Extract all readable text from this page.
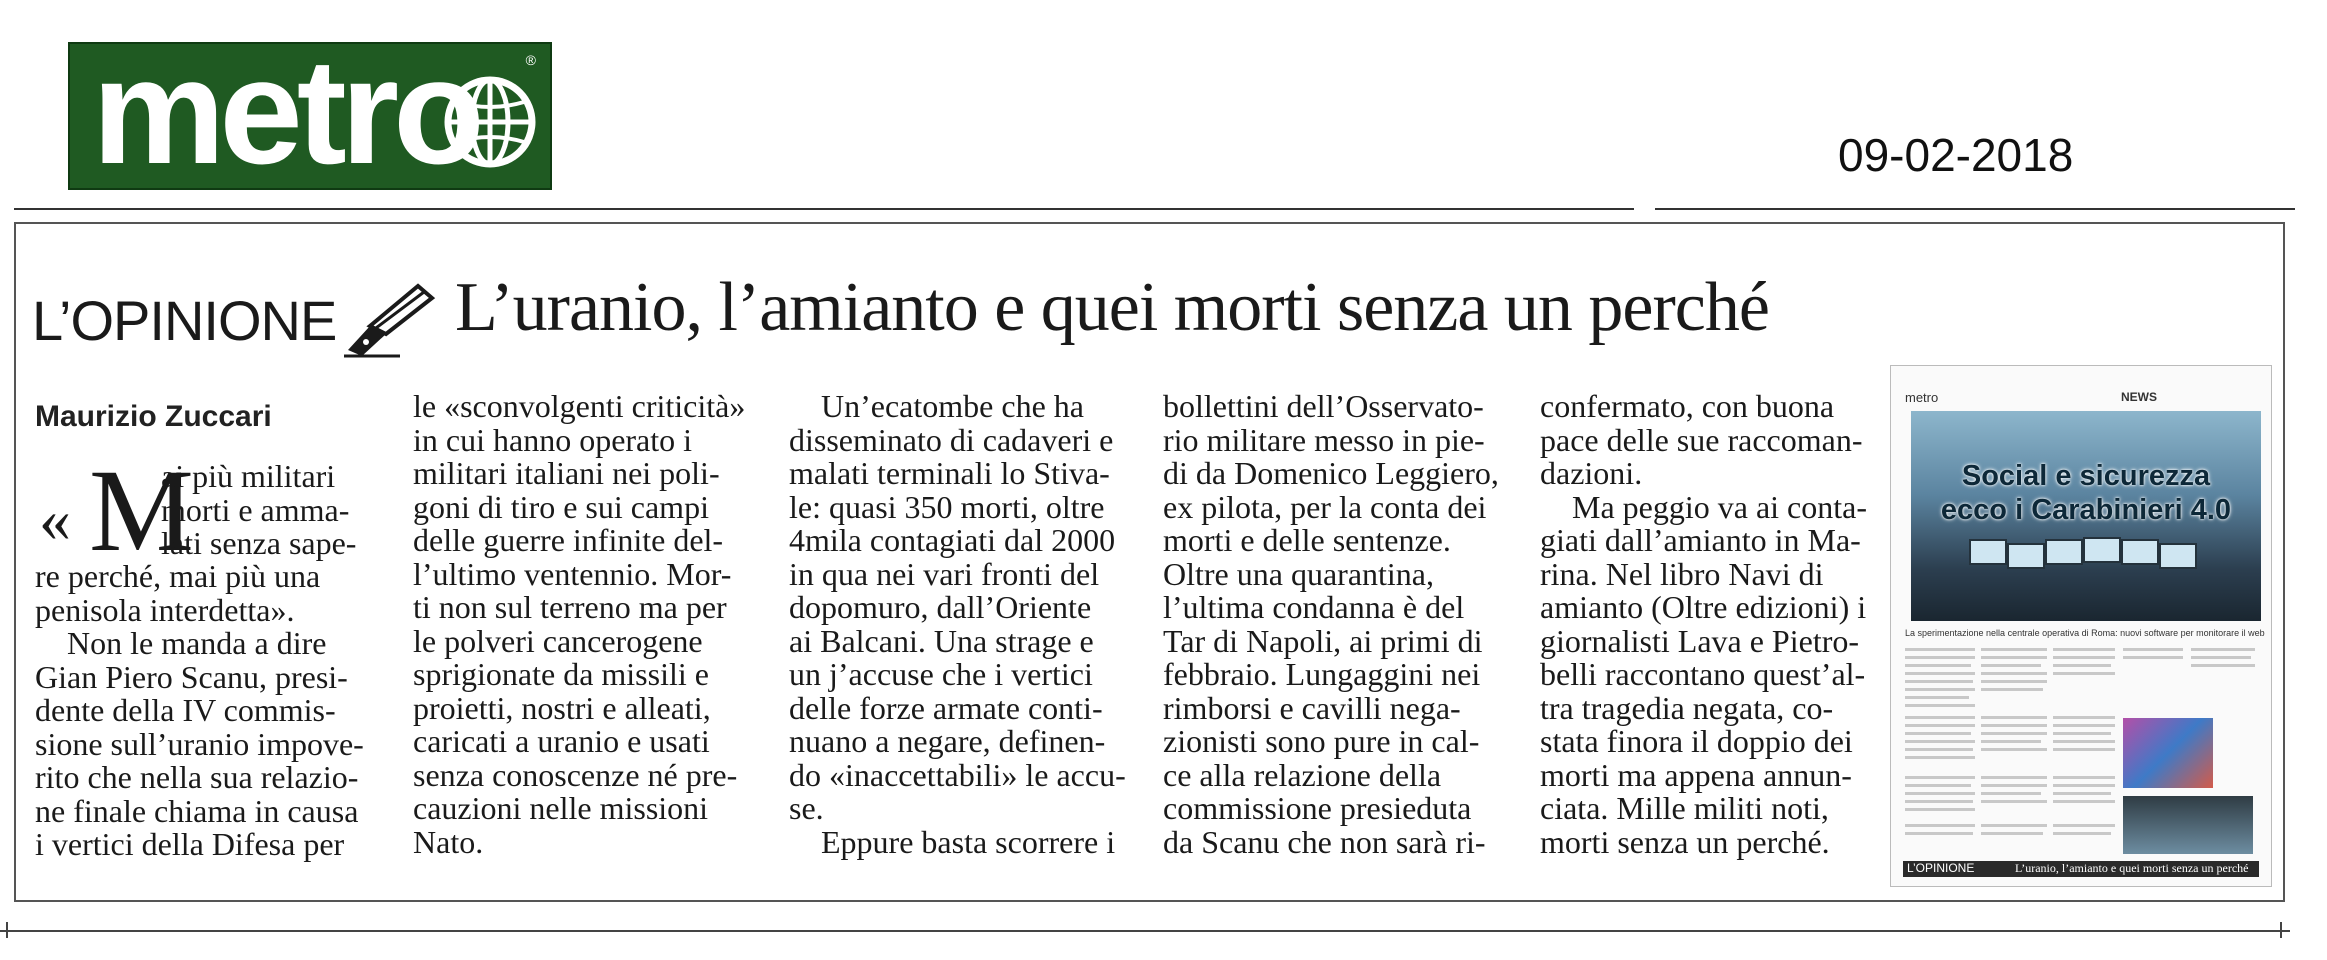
metro	®
09-02-2018
L’OPINIONE L’uranio, l’amianto e quei morti senza un perché
Maurizio Zuccari
« M

ai più militari
morti e amma-
lati senza sape-

re perché, mai più una
penisola interdetta».
Non le manda a dire
Gian Piero Scanu, presi-
dente della IV commis-
sione sull’uranio impove-
rito che nella sua relazio-
ne finale chiama in causa
i vertici della Difesa per

le «sconvolgenti criticità»
in cui hanno operato i
militari italiani nei poli-
goni di tiro e sui campi
delle guerre infinite del-
l’ultimo ventennio. Mor-
ti non sul terreno ma per
le polveri cancerogene
sprigionate da missili e
proietti, nostri e alleati,
caricati a uranio e usati
senza conoscenze né pre-
cauzioni nelle missioni
Nato.

Un’ecatombe che ha
disseminato di cadaveri e
malati terminali lo Stiva-
le: quasi 350 morti, oltre
4mila contagiati dal 2000
in qua nei vari fronti del
dopomuro, dall’Oriente
ai Balcani. Una strage e
un j’accuse che i vertici
delle forze armate conti-
nuano a negare, definen-
do «inaccettabili» le accu-
se.
Eppure basta scorrere i

bollettini dell’Osservato-
rio militare messo in pie-
di da Domenico Leggiero,
ex pilota, per la conta dei
morti e delle sentenze.
Oltre una quarantina,
l’ultima condanna è del
Tar di Napoli, ai primi di
febbraio. Lungaggini nei
rimborsi e cavilli nega-
zionisti sono pure in cal-
ce alla relazione della
commissione presieduta
da Scanu che non sarà ri-

confermato, con buona
pace delle sue raccoman-
dazioni.
Ma peggio va ai conta-
giati dall’amianto in Ma-
rina. Nel libro Navi di
amianto (Oltre edizioni) i
giornalisti Lava e Pietro-
belli raccontano quest’al-
tra tragedia negata, co-
stata finora il doppio dei
morti ma appena annun-
ciata. Mille militi noti,
morti senza un perché.

metro	NEWS
Social e sicurezza
ecco i Carabinieri 4.0
La sperimentazione nella centrale operativa di Roma: nuovi software per monitorare il web
L’OPINIONE	L’uranio, l’amianto e quei morti senza un perché
